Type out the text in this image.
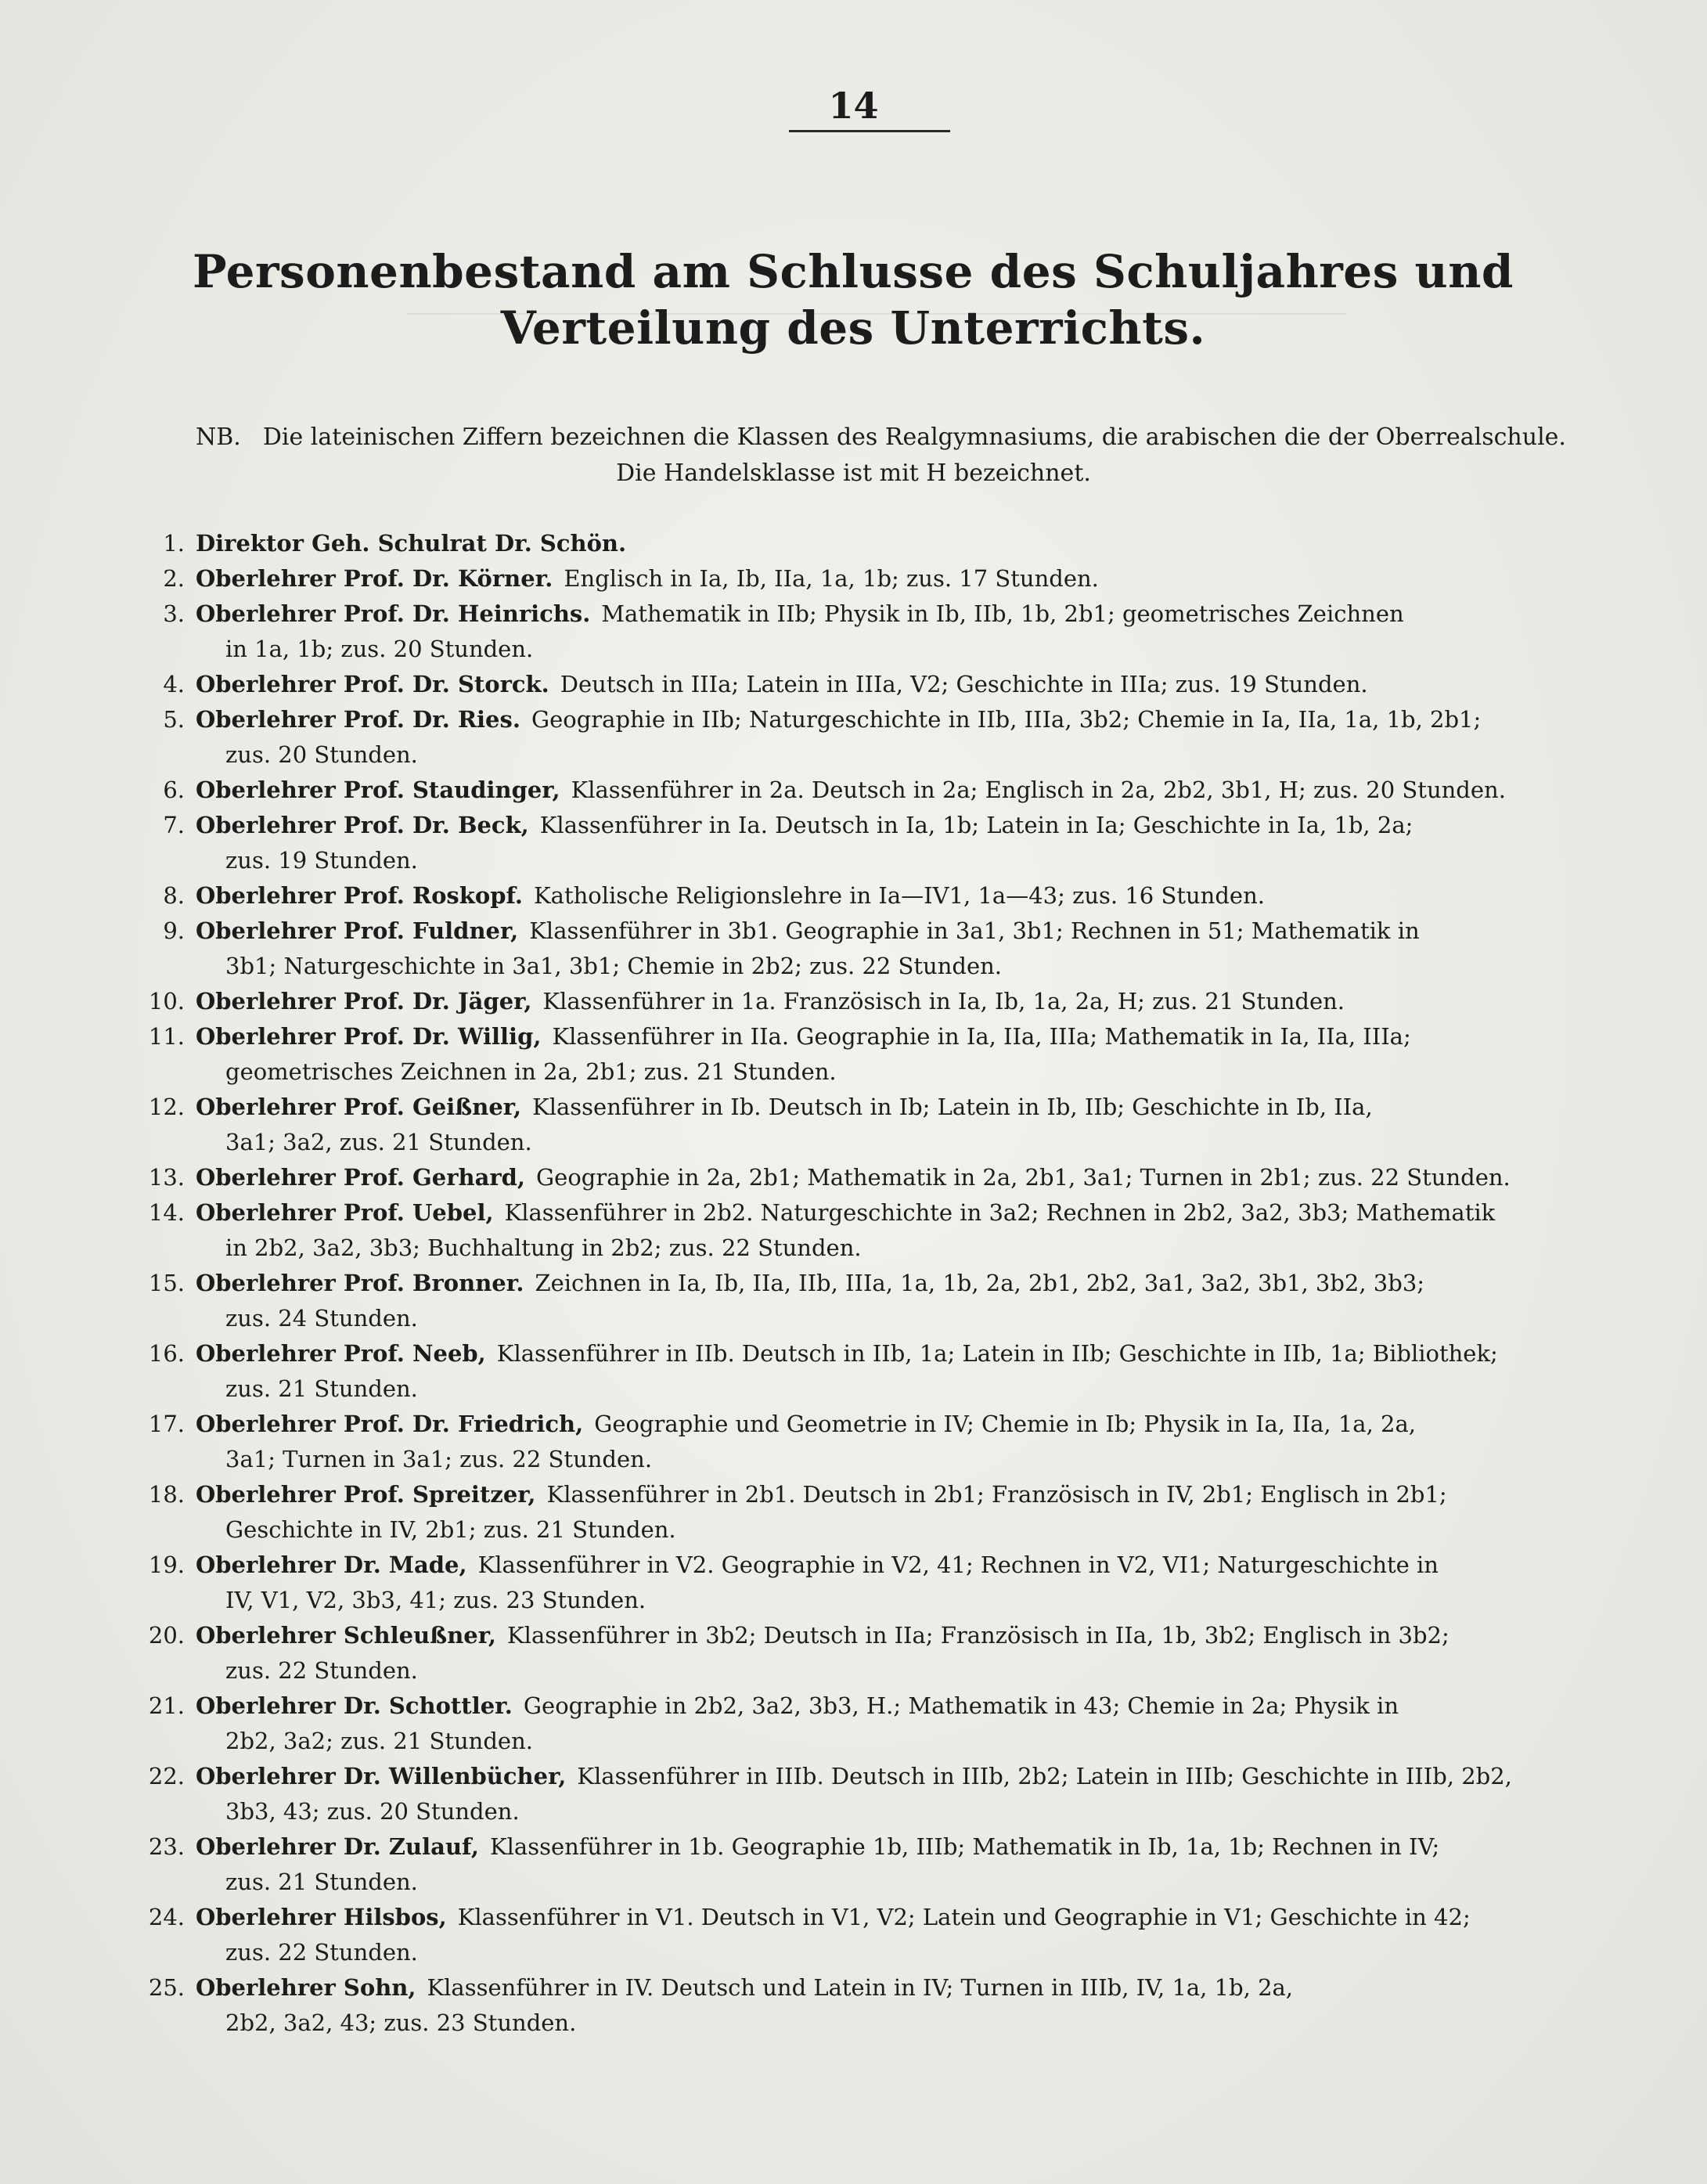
14
Personenbestand am Schlusse des Schuljahres und Verteilung des Unterrichts.
NB. Die lateinischen Ziffern bezeichnen die Klassen des Realgymnasiums, die arabischen die der Oberrealschule.
Die Handelsklasse ist mit H bezeichnet.
1. Direktor Geh. Schulrat Dr. Schön.
2. Oberlehrer Prof. Dr. Körner. Englisch in Ia, Ib, IIa, 1a, 1b; zus. 17 Stunden.
3. Oberlehrer Prof. Dr. Heinrichs. Mathematik in IIb; Physik in Ib, IIb, 1b, 2b1; geometrisches Zeichnen
in 1a, 1b; zus. 20 Stunden.
4. Oberlehrer Prof. Dr. Storck. Deutsch in IIIa; Latein in IIIa, V2; Geschichte in IIIa; zus. 19 Stunden.
5. Oberlehrer Prof. Dr. Ries. Geographie in IIb; Naturgeschichte in IIb, IIIa, 3b2; Chemie in Ia, IIa, 1a, 1b, 2b1;
zus. 20 Stunden.
6. Oberlehrer Prof. Staudinger, Klassenführer in 2a. Deutsch in 2a; Englisch in 2a, 2b2, 3b1, H; zus. 20 Stunden.
7. Oberlehrer Prof. Dr. Beck, Klassenführer in Ia. Deutsch in Ia, 1b; Latein in Ia; Geschichte in Ia, 1b, 2a;
zus. 19 Stunden.
8. Oberlehrer Prof. Roskopf. Katholische Religionslehre in Ia—IV1, 1a—43; zus. 16 Stunden.
9. Oberlehrer Prof. Fuldner, Klassenführer in 3b1. Geographie in 3a1, 3b1; Rechnen in 51; Mathematik in
3b1; Naturgeschichte in 3a1, 3b1; Chemie in 2b2; zus. 22 Stunden.
10. Oberlehrer Prof. Dr. Jäger, Klassenführer in 1a. Französisch in Ia, Ib, 1a, 2a, H; zus. 21 Stunden.
11. Oberlehrer Prof. Dr. Willig, Klassenführer in IIa. Geographie in Ia, IIa, IIIa; Mathematik in Ia, IIa, IIIa;
geometrisches Zeichnen in 2a, 2b1; zus. 21 Stunden.
12. Oberlehrer Prof. Geißner, Klassenführer in Ib. Deutsch in Ib; Latein in Ib, IIb; Geschichte in Ib, IIa,
3a1; 3a2, zus. 21 Stunden.
13. Oberlehrer Prof. Gerhard, Geographie in 2a, 2b1; Mathematik in 2a, 2b1, 3a1; Turnen in 2b1; zus. 22 Stunden.
14. Oberlehrer Prof. Uebel, Klassenführer in 2b2. Naturgeschichte in 3a2; Rechnen in 2b2, 3a2, 3b3; Mathematik
in 2b2, 3a2, 3b3; Buchhaltung in 2b2; zus. 22 Stunden.
15. Oberlehrer Prof. Bronner. Zeichnen in Ia, Ib, IIa, IIb, IIIa, 1a, 1b, 2a, 2b1, 2b2, 3a1, 3a2, 3b1, 3b2, 3b3;
zus. 24 Stunden.
16. Oberlehrer Prof. Neeb, Klassenführer in IIb. Deutsch in IIb, 1a; Latein in IIb; Geschichte in IIb, 1a; Bibliothek;
zus. 21 Stunden.
17. Oberlehrer Prof. Dr. Friedrich, Geographie und Geometrie in IV; Chemie in Ib; Physik in Ia, IIa, 1a, 2a,
3a1; Turnen in 3a1; zus. 22 Stunden.
18. Oberlehrer Prof. Spreitzer, Klassenführer in 2b1. Deutsch in 2b1; Französisch in IV, 2b1; Englisch in 2b1;
Geschichte in IV, 2b1; zus. 21 Stunden.
19. Oberlehrer Dr. Made, Klassenführer in V2. Geographie in V2, 41; Rechnen in V2, VI1; Naturgeschichte in
IV, V1, V2, 3b3, 41; zus. 23 Stunden.
20. Oberlehrer Schleußner, Klassenführer in 3b2; Deutsch in IIa; Französisch in IIa, 1b, 3b2; Englisch in 3b2;
zus. 22 Stunden.
21. Oberlehrer Dr. Schottler. Geographie in 2b2, 3a2, 3b3, H.; Mathematik in 43; Chemie in 2a; Physik in
2b2, 3a2; zus. 21 Stunden.
22. Oberlehrer Dr. Willenbücher, Klassenführer in IIIb. Deutsch in IIIb, 2b2; Latein in IIIb; Geschichte in IIIb, 2b2,
3b3, 43; zus. 20 Stunden.
23. Oberlehrer Dr. Zulauf, Klassenführer in 1b. Geographie 1b, IIIb; Mathematik in Ib, 1a, 1b; Rechnen in IV;
zus. 21 Stunden.
24. Oberlehrer Hilsbos, Klassenführer in V1. Deutsch in V1, V2; Latein und Geographie in V1; Geschichte in 42;
zus. 22 Stunden.
25. Oberlehrer Sohn, Klassenführer in IV. Deutsch und Latein in IV; Turnen in IIIb, IV, 1a, 1b, 2a,
2b2, 3a2, 43; zus. 23 Stunden.
